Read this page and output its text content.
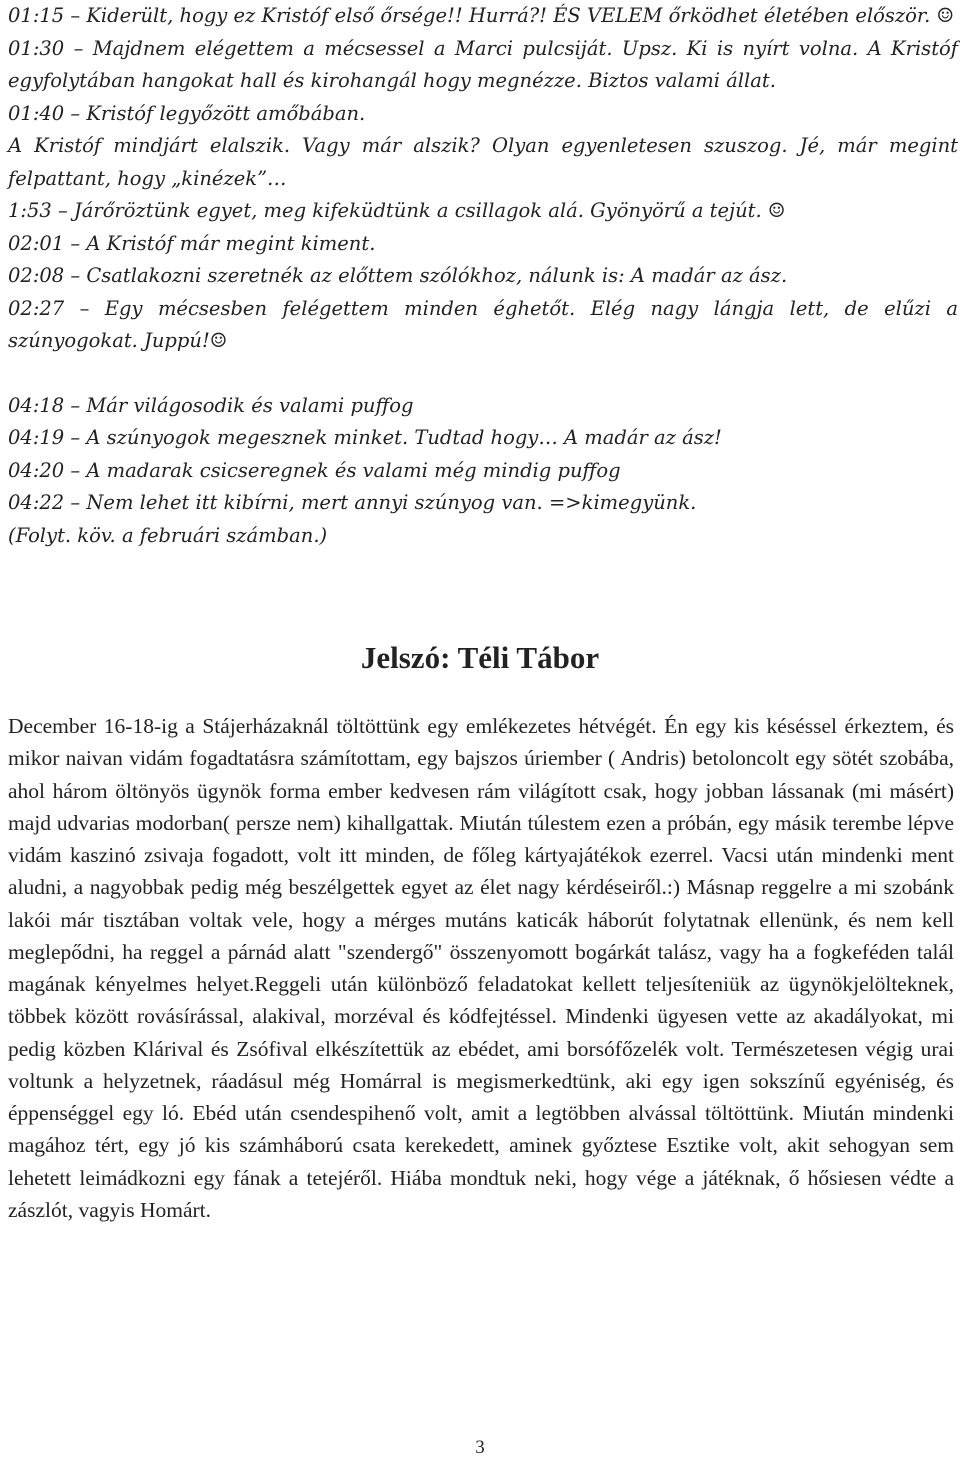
01:15 – Kiderült, hogy ez Kristóf első őrsége!! Hurrá?! ÉS VELEM őrködhet életében először. ☺

01:30 – Majdnem elégettem a mécsessel a Marci pulcsiját. Upsz. Ki is nyírt volna. A Kristóf egyfolytában hangokat hall és kirohangál hogy megnézze. Biztos valami állat.

01:40 – Kristóf legyőzött amőbában.

A Kristóf mindjárt elalszik. Vagy már alszik? Olyan egyenletesen szuszog. Jé, már megint felpattant, hogy „kinézek”…

1:53 – Járőröztünk egyet, meg kifeküdtünk a csillagok alá. Gyönyörű a tejút. ☺

02:01 – A Kristóf már megint kiment.

02:08 – Csatlakozni szeretnék az előttem szólókhoz, nálunk is: A madár az ász.

02:27 – Egy mécsesben felégettem minden éghetőt. Elég nagy lángja lett, de elűzi a szúnyogokat. Juppú!☺

04:18 – Már világosodik és valami puffog

04:19 – A szúnyogok megesznek minket. Tudtad hogy… A madár az ász!

04:20 – A madarak csicseregnek és valami még mindig puffog

04:22 – Nem lehet itt kibírni, mert annyi szúnyog van. =>kimegyünk.

(Folyt. köv. a februári számban.)

Jelszó: Téli Tábor

December 16-18-ig a Stájerházaknál töltöttünk egy emlékezetes hétvégét. Én egy kis késéssel érkeztem, és mikor naivan vidám fogadtatásra számítottam, egy bajszos úriember ( Andris) betoloncolt egy sötét szobába, ahol három öltönyös ügynök forma ember kedvesen rám világított csak, hogy jobban lássanak (mi másért) majd udvarias modorban( persze nem) kihallgattak. Miután túlestem ezen a próbán, egy másik terembe lépve vidám kaszinó zsivaja fogadott, volt itt minden, de főleg kártyajátékok ezerrel. Vacsi után mindenki ment aludni, a nagyobbak pedig még beszélgettek egyet az élet nagy kérdéseiről.:) Másnap reggelre a mi szobánk lakói már tisztában voltak vele, hogy a mérges mutáns katicák háborút folytatnak ellenünk, és nem kell meglepődni, ha reggel a párnád alatt "szendergő" összenyomott bogárkát talász, vagy ha a fogkeféden talál magának kényelmes helyet.Reggeli után különböző feladatokat kellett teljesíteniük az ügynökjelölteknek, többek között rovásírással, alakival, morzéval és kódfejtéssel. Mindenki ügyesen vette az akadályokat, mi pedig közben Klárival és Zsófival elkészítettük az ebédet, ami borsófőzelék volt. Természetesen végig urai voltunk a helyzetnek, ráadásul még Homárral is megismerkedtünk, aki egy igen sokszínű egyéniség, és éppenséggel egy ló. Ebéd után csendespihenő volt, amit a legtöbben alvással töltöttünk. Miután mindenki magához tért, egy jó kis számháború csata kerekedett, aminek győztese Esztike volt, akit sehogyan sem lehetett leimádkozni egy fának a tetejéről. Hiába mondtuk neki, hogy vége a játéknak, ő hősiesen védte a zászlót, vagyis Homárt.

3
